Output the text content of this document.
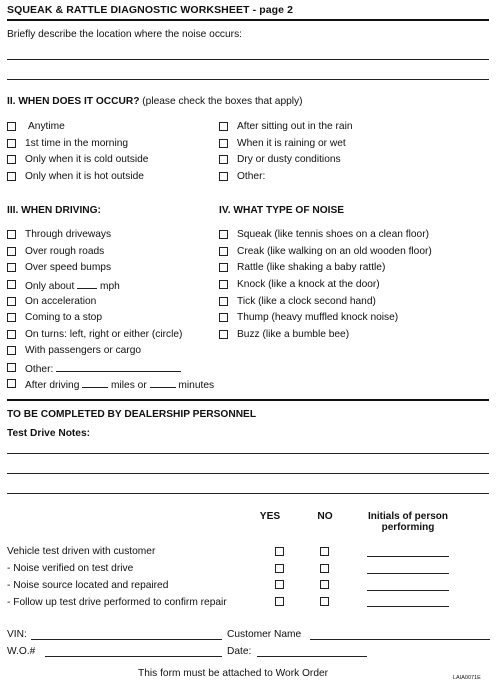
SQUEAK & RATTLE DIAGNOSTIC WORKSHEET - page 2
Briefly describe the location where the noise occurs:
II. WHEN DOES IT OCCUR? (please check the boxes that apply)
Anytime
1st time in the morning
Only when it is cold outside
Only when it is hot outside
After sitting out in the rain
When it is raining or wet
Dry or dusty conditions
Other:
III. WHEN DRIVING:	IV. WHAT TYPE OF NOISE
Through driveways
Over rough roads
Over speed bumps
Only about	mph
On acceleration
Coming to a stop
On turns: left, right or either (circle)
With passengers or cargo
Other:
After driving	miles or	minutes
Squeak (like tennis shoes on a clean floor)
Creak (like walking on an old wooden floor)
Rattle (like shaking a baby rattle)
Knock (like a knock at the door)
Tick (like a clock second hand)
Thump (heavy muffled knock noise)
Buzz (like a bumble bee)
TO BE COMPLETED BY DEALERSHIP PERSONNEL
Test Drive Notes:
YES	NO	Initials of person performing
Vehicle test driven with customer
- Noise verified on test drive
- Noise source located and repaired
- Follow up test drive performed to confirm repair
VIN:	Customer Name
W.O.#	Date:
This form must be attached to Work Order	LAIA0071E
